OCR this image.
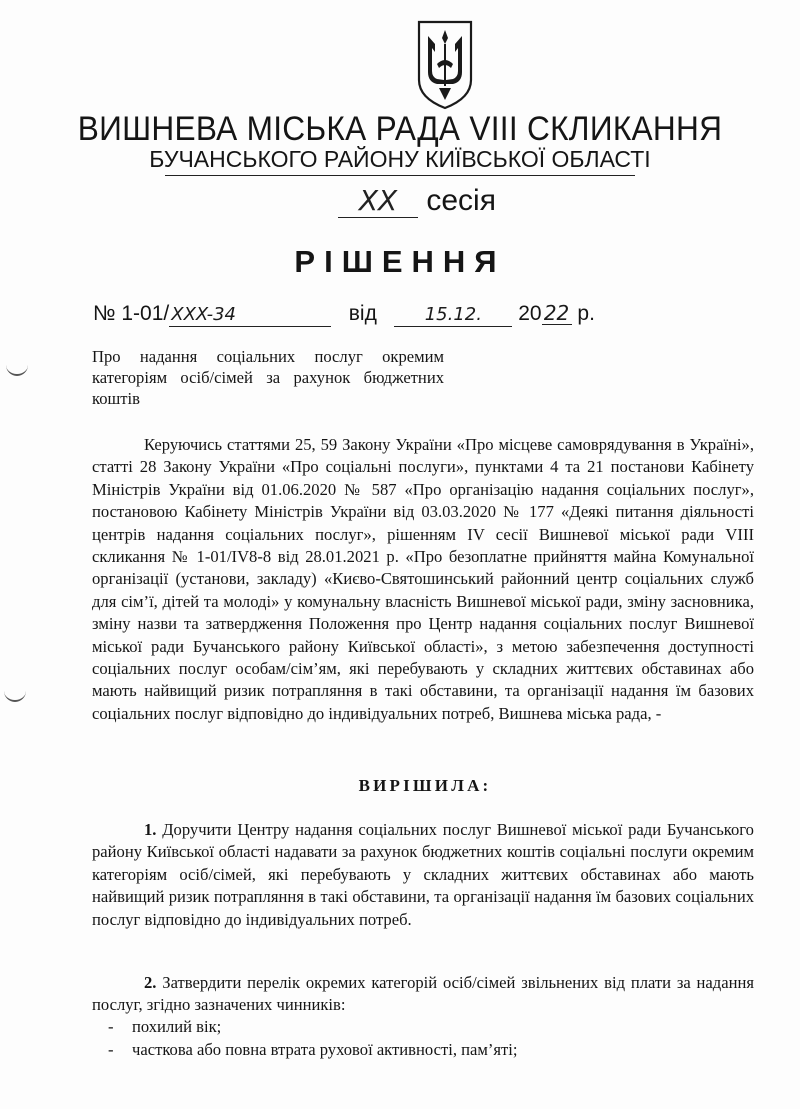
ВИШНЕВА МІСЬКА РАДА VIII СКЛИКАННЯ
БУЧАНСЬКОГО РАЙОНУ КИЇВСЬКОЇ ОБЛАСТІ
XX сесія
РІШЕННЯ
№ 1-01/ XXX-34	від	15.12. 20 22 р.
Про надання соціальних послуг окремим категоріям осіб/сімей за рахунок бюджетних коштів
Керуючись статтями 25, 59 Закону України «Про місцеве самоврядування в Україні», статті 28 Закону України «Про соціальні послуги», пунктами 4 та 21 постанови Кабінету Міністрів України від 01.06.2020 № 587 «Про організацію надання соціальних послуг», постановою Кабінету Міністрів України від 03.03.2020 № 177 «Деякі питання діяльності центрів надання соціальних послуг», рішенням IV сесії Вишневої міської ради VIII скликання № 1-01/IV8-8 від 28.01.2021 р. «Про безоплатне прийняття майна Комунальної організації (установи, закладу) «Києво-Святошинський районний центр соціальних служб для сім’ї, дітей та молоді» у комунальну власність Вишневої міської ради, зміну засновника, зміну назви та затвердження Положення про Центр надання соціальних послуг Вишневої міської ради Бучанського району Київської області», з метою забезпечення доступності соціальних послуг особам/сім’ям, які перебувають у складних життєвих обставинах або мають найвищий ризик потрапляння в такі обставини, та організації надання їм базових соціальних послуг відповідно до індивідуальних потреб, Вишнева міська рада, -
ВИРІШИЛА:
1. Доручити Центру надання соціальних послуг Вишневої міської ради Бучанського району Київської області надавати за рахунок бюджетних коштів соціальні послуги окремим категоріям осіб/сімей, які перебувають у складних життєвих обставинах або мають найвищий ризик потрапляння в такі обставини, та організації надання їм базових соціальних послуг відповідно до індивідуальних потреб.
2. Затвердити перелік окремих категорій осіб/сімей звільнених від плати за надання послуг, згідно зазначених чинників:
- похилий вік;
- часткова або повна втрата рухової активності, пам’яті;
